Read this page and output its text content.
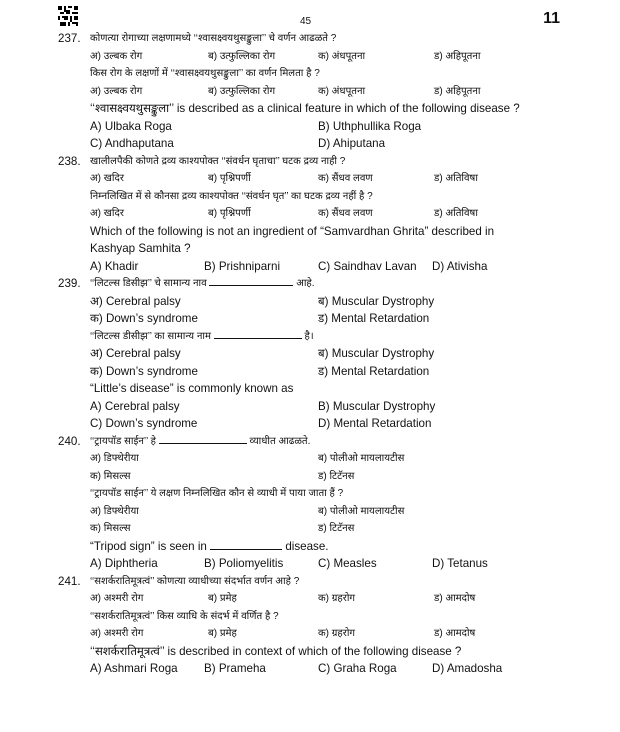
45	11
237. कोणत्या रोगाच्या लक्षणामध्ये ‘‘श्वासक्ष्वयथुसङ्कुला’’ चे वर्णन आढळते ?
अ) उल्बक रोग	ब) उत्फुल्लिका रोग	क) अंधपूतना	ड) अहिपूतना
किस रोग के लक्षणों में ‘‘श्वासक्ष्वयथुसङ्कुला’’ का वर्णन मिलता है ?
अ) उल्बक रोग	ब) उत्फुल्लिका रोग	क) अंधपूतना	ड) अहिपूतना
‘‘श्वासक्ष्वयथुसङ्कुला’’ is described as a clinical feature in which of the following disease ?
A) Ulbaka Roga	B) Uthphullika Roga
C) Andhaputana	D) Ahiputana
238. खालीलपैकी कोणते द्रव्य काश्यपोक्त ‘‘संवर्धन घृताचा’’ घटक द्रव्य नाही ?
अ) खदिर	ब) पृश्निपर्णी	क) सैंधव लवण	ड) अतिविषा
निम्नलिखित में से कौनसा द्रव्य काश्यपोक्त ‘‘संवर्धन घृत’’ का घटक द्रव्य नहीं है ?
अ) खदिर	ब) पृश्निपर्णी	क) सैंधव लवण	ड) अतिविषा
Which of the following is not an ingredient of “Samvardhan Ghrita” described in
Kashyap Samhita ?
A) Khadir	B) Prishniparni	C) Saindhav Lavan D) Ativisha
239. ‘‘लिटल्स डिसीझ’’ चे सामान्य नाव	आहे.
अ) Cerebral palsy	ब) Muscular Dystrophy
क) Down’s syndrome	ड) Mental Retardation
‘‘लिटल्स डीसीझ’’ का सामान्य नाम	है।
अ) Cerebral palsy	ब) Muscular Dystrophy
क) Down’s syndrome	ड) Mental Retardation
“Little’s disease” is commonly known as
A) Cerebral palsy	B) Muscular Dystrophy
C) Down’s syndrome	D) Mental Retardation
240. ‘‘ट्रायपॉड साईन’’ हे	व्याधीत आढळते.
अ) डिफ्थेरीया	ब) पोलीओ मायलायटीस
क) मिसल्स	ड) टिटॅनस
‘‘ट्रायपॉड साईन’’ ये लक्षण निम्नलिखित कौन से व्याधी में पाया जाता हैं ?
अ) डिफ्थेरीया	ब) पोलीओ मायलायटीस
क) मिसल्स	ड) टिटॅनस
“Tripod sign” is seen in	disease.
A) Diphtheria	B) Poliomyelitis	C) Measles	D) Tetanus
241. ‘‘सशर्करातिमूत्रत्वं’’ कोणत्या व्याधीच्या संदर्भात वर्णन आहे ?
अ) अश्मरी रोग	ब) प्रमेह	क) ग्रहरोग	ड) आमदोष
‘‘सशर्करातिमूत्रत्वं’’ किस व्याधि के संदर्भ में वर्णित है ?
अ) अश्मरी रोग	ब) प्रमेह	क) ग्रहरोग	ड) आमदोष
‘‘सशर्करातिमूत्रत्वं’’ is described in context of which of the following disease ?
A) Ashmari Roga B) Prameha	C) Graha Roga	D) Amadosha
